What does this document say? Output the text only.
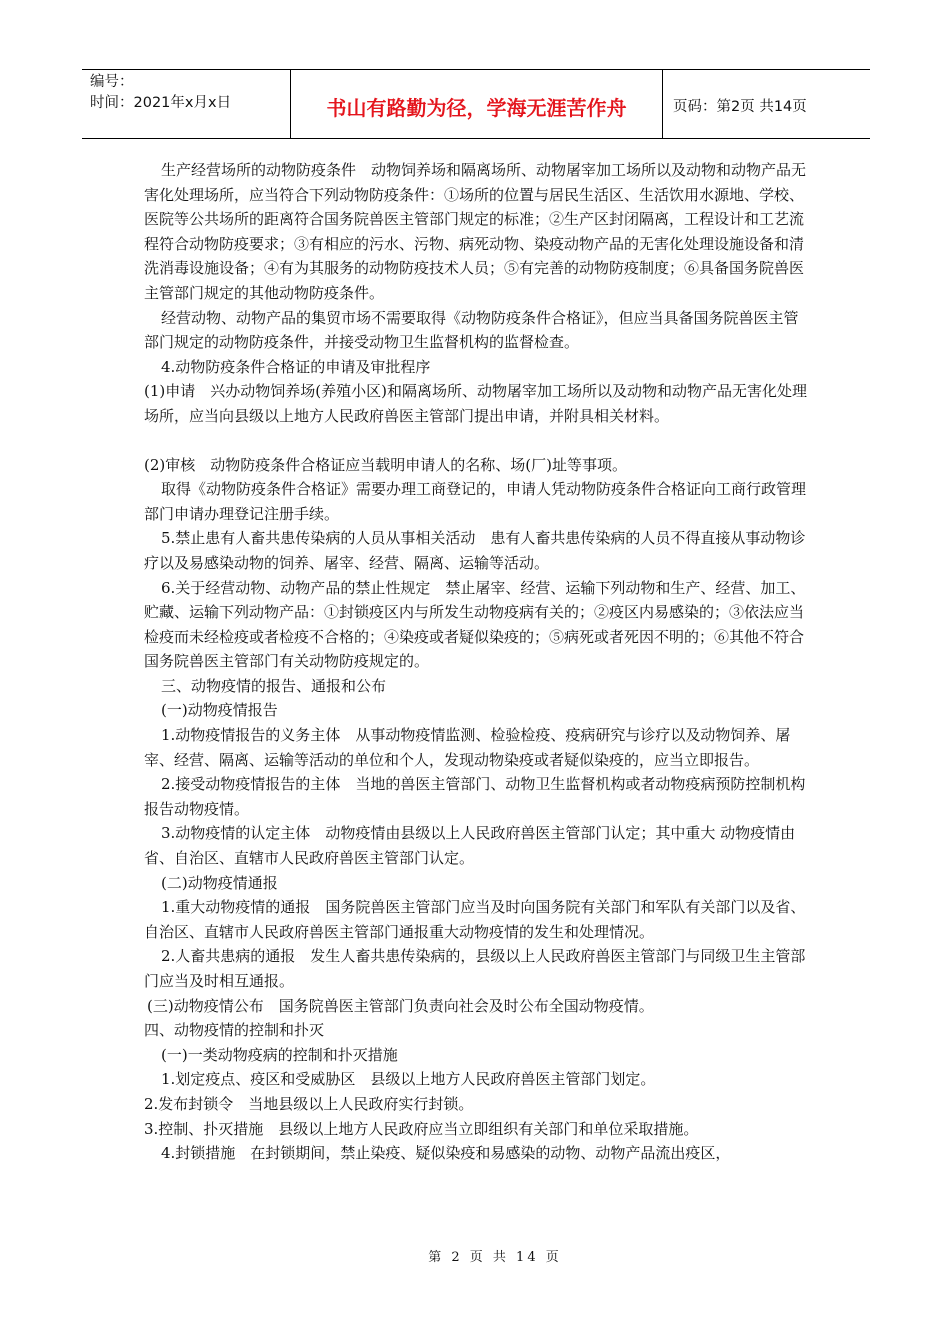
编号：
时间：2021年x月x日	书山有路勤为径，学海无涯苦作舟	页码：第2页 共14页

生产经营场所的动物防疫条件　动物饲养场和隔离场所、动物屠宰加工场所以及动物和动物产品无害化处理场所，应当符合下列动物防疫条件：①场所的位置与居民生活区、生活饮用水源地、学校、医院等公共场所的距离符合国务院兽医主管部门规定的标准；②生产区封闭隔离，工程设计和工艺流程符合动物防疫要求；③有相应的污水、污物、病死动物、染疫动物产品的无害化处理设施设备和清洗消毒设施设备；④有为其服务的动物防疫技术人员；⑤有完善的动物防疫制度；⑥具备国务院兽医主管部门规定的其他动物防疫条件。

经营动物、动物产品的集贸市场不需要取得《动物防疫条件合格证》，但应当具备国务院兽医主管部门规定的动物防疫条件，并接受动物卫生监督机构的监督检查。

4.动物防疫条件合格证的申请及审批程序

(1)申请　兴办动物饲养场(养殖小区)和隔离场所、动物屠宰加工场所以及动物和动物产品无害化处理场所，应当向县级以上地方人民政府兽医主管部门提出申请，并附具相关材料。

(2)审核　动物防疫条件合格证应当载明申请人的名称、场(厂)址等事项。

取得《动物防疫条件合格证》需要办理工商登记的，申请人凭动物防疫条件合格证向工商行政管理部门申请办理登记注册手续。

5.禁止患有人畜共患传染病的人员从事相关活动　患有人畜共患传染病的人员不得直接从事动物诊疗以及易感染动物的饲养、屠宰、经营、隔离、运输等活动。

6.关于经营动物、动物产品的禁止性规定　禁止屠宰、经营、运输下列动物和生产、经营、加工、贮藏、运输下列动物产品：①封锁疫区内与所发生动物疫病有关的；②疫区内易感染的；③依法应当检疫而未经检疫或者检疫不合格的；④染疫或者疑似染疫的；⑤病死或者死因不明的；⑥其他不符合国务院兽医主管部门有关动物防疫规定的。

三、动物疫情的报告、通报和公布

(一)动物疫情报告

1.动物疫情报告的义务主体　从事动物疫情监测、检验检疫、疫病研究与诊疗以及动物饲养、屠宰、经营、隔离、运输等活动的单位和个人，发现动物染疫或者疑似染疫的，应当立即报告。

2.接受动物疫情报告的主体　当地的兽医主管部门、动物卫生监督机构或者动物疫病预防控制机构报告动物疫情。

3.动物疫情的认定主体　动物疫情由县级以上人民政府兽医主管部门认定；其中重大 动物疫情由省、自治区、直辖市人民政府兽医主管部门认定。

(二)动物疫情通报

1.重大动物疫情的通报　国务院兽医主管部门应当及时向国务院有关部门和军队有关部门以及省、自治区、直辖市人民政府兽医主管部门通报重大动物疫情的发生和处理情况。

2.人畜共患病的通报　发生人畜共患传染病的，县级以上人民政府兽医主管部门与同级卫生主管部门应当及时相互通报。

(三)动物疫情公布　国务院兽医主管部门负责向社会及时公布全国动物疫情。

四、动物疫情的控制和扑灭

(一)一类动物疫病的控制和扑灭措施

1.划定疫点、疫区和受威胁区　县级以上地方人民政府兽医主管部门划定。

2.发布封锁令　当地县级以上人民政府实行封锁。

3.控制、扑灭措施　县级以上地方人民政府应当立即组织有关部门和单位采取措施。

4.封锁措施　在封锁期间，禁止染疫、疑似染疫和易感染的动物、动物产品流出疫区，

第 2 页 共 14 页
